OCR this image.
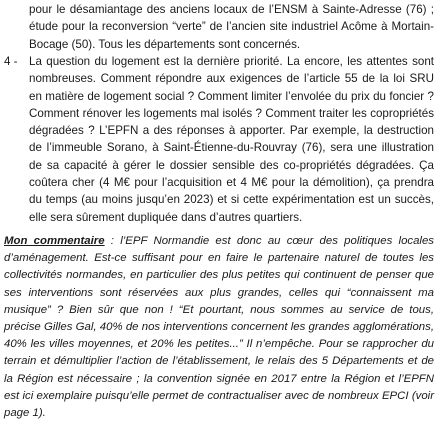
pour le désamiantage des anciens locaux de l’ENSM à Sainte-Adresse (76) ; étude pour la reconversion “verte” de l’ancien site industriel Acôme à Mortain-Bocage (50). Tous les départements sont concernés.

4 - La question du logement est la dernière priorité. La encore, les attentes sont nombreuses. Comment répondre aux exigences de l’article 55 de la loi SRU en matière de logement social ? Comment limiter l’envolée du prix du foncier ? Comment rénover les logements mal isolés ? Comment traiter les copropriétés dégradées ? L’EPFN a des réponses à apporter. Par exemple, la destruction de l’immeuble Sorano, à Saint-Étienne-du-Rouvray (76), sera une illustration de sa capacité à gérer le dossier sensible des co-propriétés dégradées. Ça coûtera cher (4 M€ pour l’acquisition et 4 M€ pour la démolition), ça prendra du temps (au moins jusqu’en 2023) et si cette expérimentation est un succès, elle sera sûrement dupliquée dans d’autres quartiers.

Mon commentaire : l’EPF Normandie est donc au cœur des politiques locales d’aménagement. Est-ce suffisant pour en faire le partenaire naturel de toutes les collectivités normandes, en particulier des plus petites qui continuent de penser que ses interventions sont réservées aux plus grandes, celles qui “connaissent ma musique” ? Bien sûr que non ! “Et pourtant, nous sommes au service de tous, précise Gilles Gal, 40% de nos interventions concernent les grandes agglomérations, 40% les villes moyennes, et 20% les petites...” Il n’empêche. Pour se rapprocher du terrain et démultiplier l’action de l’établissement, le relais des 5 Départements et de la Région est nécessaire ; la convention signée en 2017 entre la Région et l’EPFN est ici exemplaire puisqu’elle permet de contractualiser avec de nombreux EPCI (voir page 1).
